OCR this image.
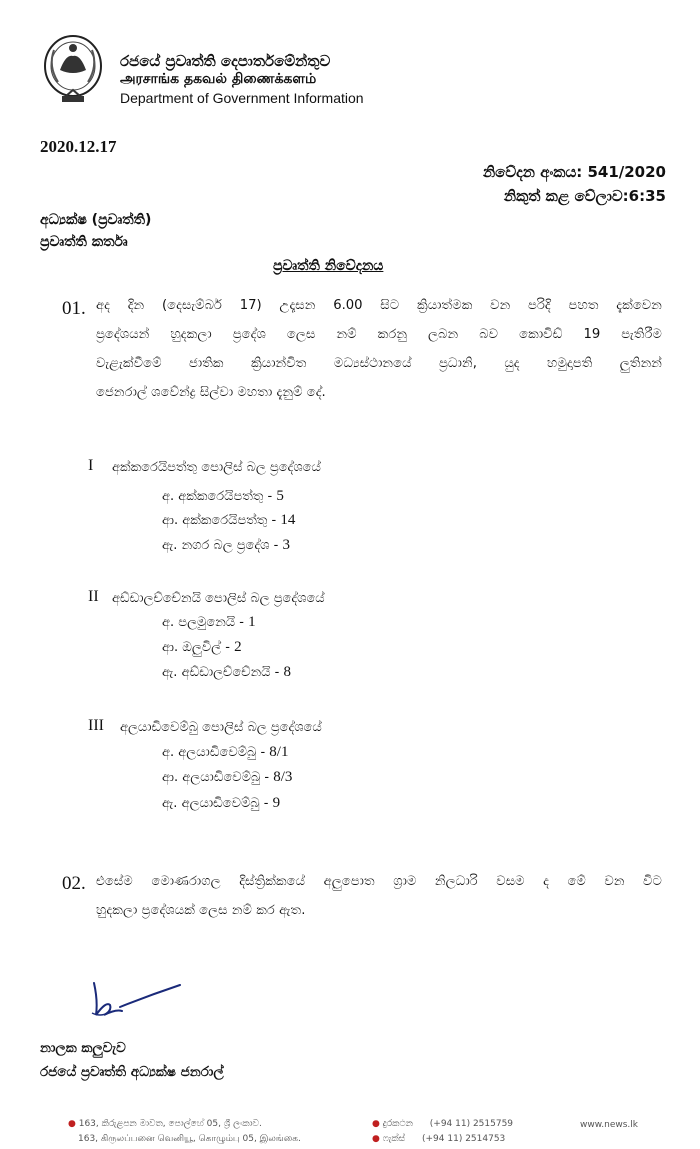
රජයේ ප්‍රවෘත්ති දෙපාර්තමේන්තුව
அரசாங்க தகவல் திணைக்களம்
Department of Government Information
2020.12.17
නිවේදන අංකය: 541/2020
නිකුත් කළ වේලාව:6:35
අධ්‍යක්ෂ (ප්‍රවෘත්ති)
ප්‍රවෘත්ති කර්තෘ
ප්‍රවෘත්ති නිවේදනය
01. අද දින (දෙසැම්බර් 17) උදෑසන 6.00 සිට ක්‍රියාත්මක වන පරිදි පහත දැක්වෙන
ප්‍රදේශයන් හුදකලා ප්‍රදේශ ලෙස නම් කරනු ලබන බව කොවිඩ් 19 පැතිරීම
වැළැක්වීමේ ජාතික ක්‍රියාන්විත මධ්‍යස්ථානයේ ප්‍රධානි, යුද හමුදාපති ලුතිනන්
ජෙනරාල් ශවේන්ද්‍ර සිල්වා මහතා දැනුම් දේ.
I අක්කරෙයිපත්තු පොලිස් බල ප්‍රදේශයේ
අ. අක්කරෙයිපත්තු - 5
ආ. අක්කරෙයිපත්තු - 14
ඇ. නගර බල ප්‍රදේශ - 3
II අඩ්ඩාලච්චේනයි පොලිස් බල ප්‍රදේශයේ
අ. පලමුනෙයි - 1
ආ. ඔලුවිල් - 2
ඇ. අඩ්ඩාලච්චේනයි - 8
III අලයාඩිවෙම්බු පොලිස් බල ප්‍රදේශයේ
අ. අලයාඩිවෙම්බු - 8/1
ආ. අලයාඩිවෙම්බු - 8/3
ඇ. අලයාඩිවෙම්බු - 9
02. එසේම මොණරාගල දිස්ත්‍රික්කයේ අලුපොත ග්‍රාම නිලධාරි වසම ද මේ වන විට
හුදකලා ප්‍රදේශයක් ලෙස නම් කර ඇත.
නාලක කලුවැව
රජයේ ප්‍රවෘත්ති අධ්‍යක්ෂ ජනරාල්
● 163, කිරුළපන මාවත, පොල්හේ 05, ශ්‍රී ලංකාව.
163, கிருலப்பனை வெனியூ, கொழும்பு 05, இலங்கை.
● දුරකථන (+94 11) 2515759
● ෆැක්ස් (+94 11) 2514753
www.news.lk
